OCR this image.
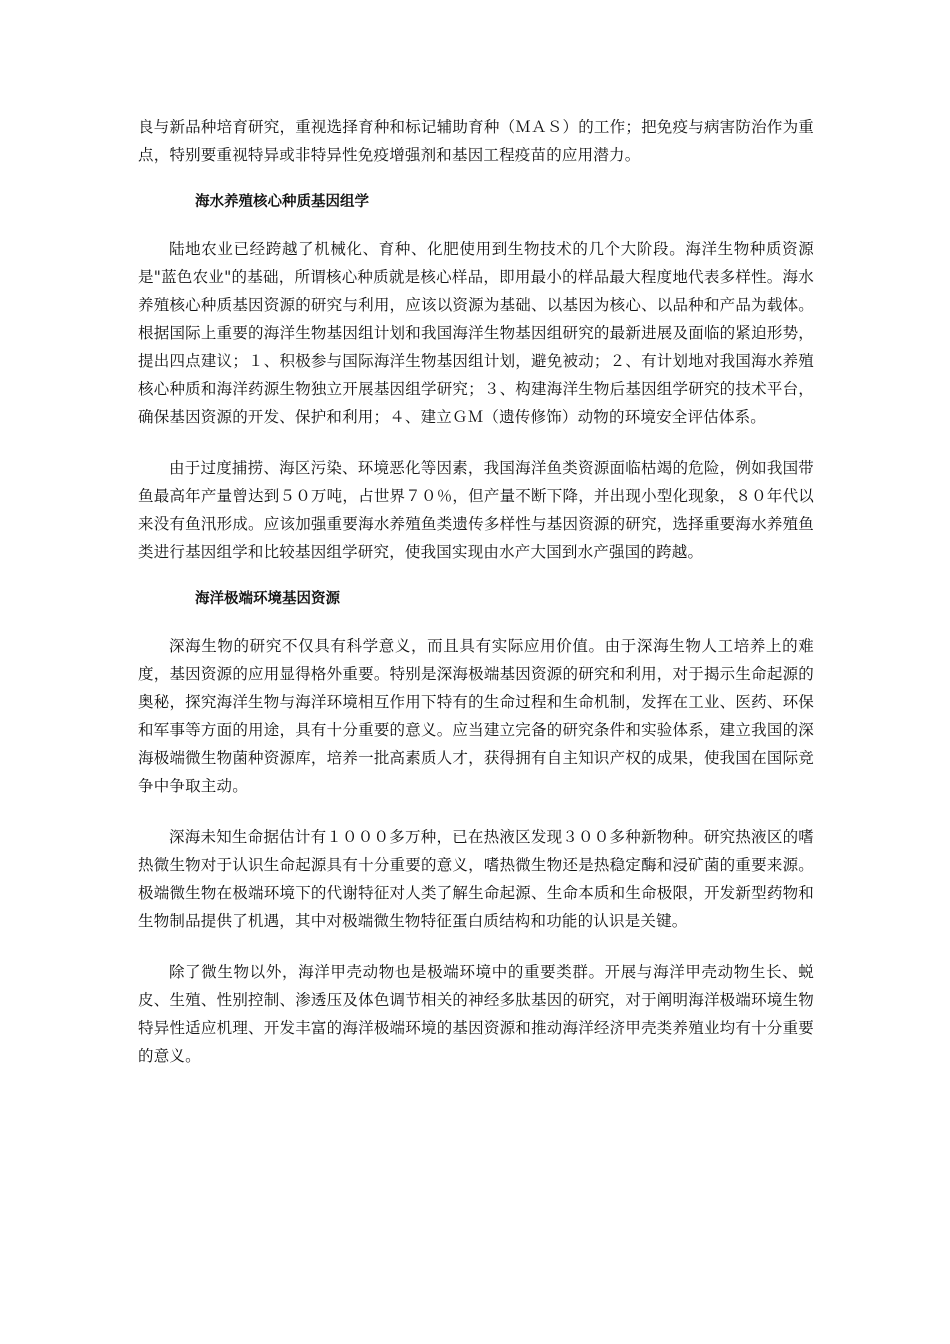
良与新品种培育研究，重视选择育种和标记辅助育种（ＭＡＳ）的工作；把免疫与病害防治作为重点，特别要重视特异或非特异性免疫增强剂和基因工程疫苗的应用潜力。

海水养殖核心种质基因组学

陆地农业已经跨越了机械化、育种、化肥使用到生物技术的几个大阶段。海洋生物种质资源是"蓝色农业"的基础，所谓核心种质就是核心样品，即用最小的样品最大程度地代表多样性。海水养殖核心种质基因资源的研究与利用，应该以资源为基础、以基因为核心、以品种和产品为载体。根据国际上重要的海洋生物基因组计划和我国海洋生物基因组研究的最新进展及面临的紧迫形势，提出四点建议；１、积极参与国际海洋生物基因组计划，避免被动；２、有计划地对我国海水养殖核心种质和海洋药源生物独立开展基因组学研究；３、构建海洋生物后基因组学研究的技术平台，确保基因资源的开发、保护和利用；４、建立ＧＭ（遗传修饰）动物的环境安全评估体系。

由于过度捕捞、海区污染、环境恶化等因素，我国海洋鱼类资源面临枯竭的危险，例如我国带鱼最高年产量曾达到５０万吨，占世界７０％，但产量不断下降，并出现小型化现象，８０年代以来没有鱼汛形成。应该加强重要海水养殖鱼类遗传多样性与基因资源的研究，选择重要海水养殖鱼类进行基因组学和比较基因组学研究，使我国实现由水产大国到水产强国的跨越。

海洋极端环境基因资源

深海生物的研究不仅具有科学意义，而且具有实际应用价值。由于深海生物人工培养上的难度，基因资源的应用显得格外重要。特别是深海极端基因资源的研究和利用，对于揭示生命起源的奥秘，探究海洋生物与海洋环境相互作用下特有的生命过程和生命机制，发挥在工业、医药、环保和军事等方面的用途，具有十分重要的意义。应当建立完备的研究条件和实验体系，建立我国的深海极端微生物菌种资源库，培养一批高素质人才，获得拥有自主知识产权的成果，使我国在国际竞争中争取主动。

深海未知生命据估计有１０００多万种，已在热液区发现３００多种新物种。研究热液区的嗜热微生物对于认识生命起源具有十分重要的意义，嗜热微生物还是热稳定酶和浸矿菌的重要来源。极端微生物在极端环境下的代谢特征对人类了解生命起源、生命本质和生命极限，开发新型药物和生物制品提供了机遇，其中对极端微生物特征蛋白质结构和功能的认识是关键。

除了微生物以外，海洋甲壳动物也是极端环境中的重要类群。开展与海洋甲壳动物生长、蜕皮、生殖、性别控制、渗透压及体色调节相关的神经多肽基因的研究，对于阐明海洋极端环境生物特异性适应机理、开发丰富的海洋极端环境的基因资源和推动海洋经济甲壳类养殖业均有十分重要的意义。
